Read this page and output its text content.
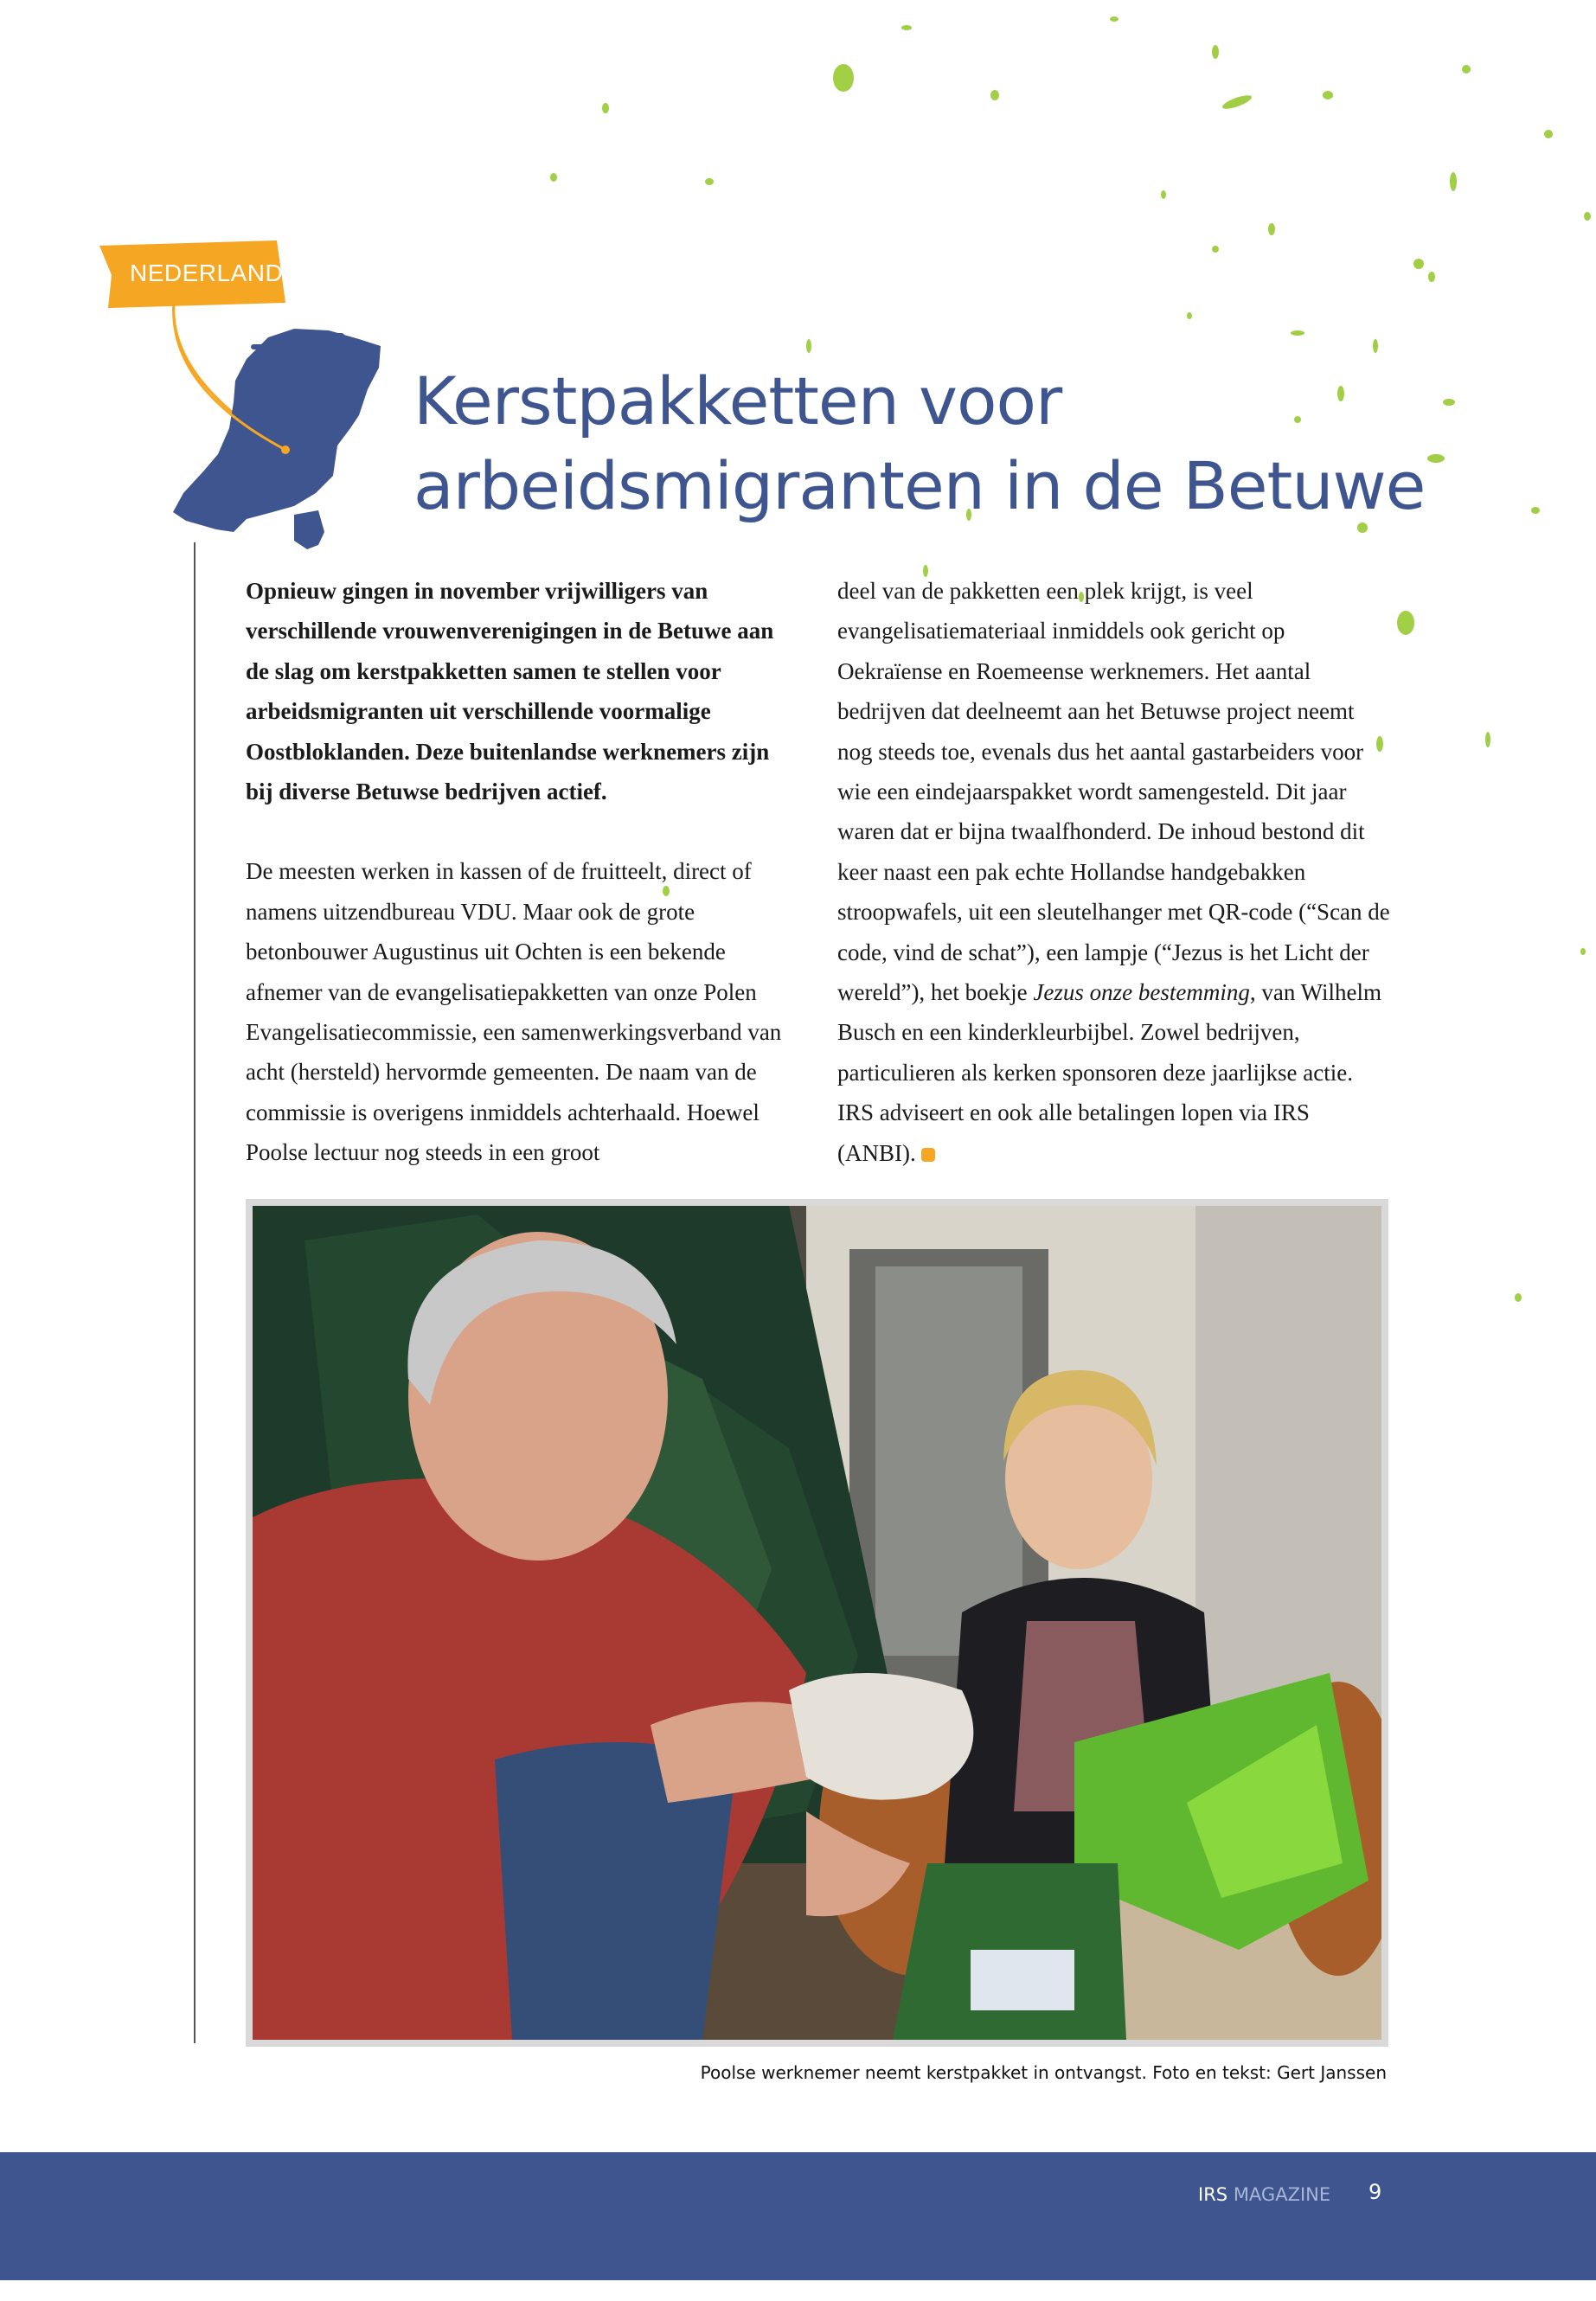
NEDERLAND
Kerstpakketten voor
arbeidsmigranten in de Betuwe

Opnieuw gingen in november vrijwilligers van verschillende vrouwenverenigingen in de Betuwe aan de slag om kerstpakketten samen te stellen voor arbeidsmigranten uit verschillende voormalige Oostbloklanden. Deze buitenlandse werknemers zijn bij diverse Betuwse bedrijven actief.

De meesten werken in kassen of de fruitteelt, direct of namens uitzendbureau VDU. Maar ook de grote betonbouwer Augustinus uit Ochten is een bekende afnemer van de evangelisatiepakketten van onze Polen Evangelisatiecommissie, een samenwerkingsverband van acht (hersteld) hervormde gemeenten. De naam van de commissie is overigens inmiddels achterhaald. Hoewel Poolse lectuur nog steeds in een groot

deel van de pakketten een plek krijgt, is veel evangelisatiemateriaal inmiddels ook gericht op Oekraïense en Roemeense werknemers. Het aantal bedrijven dat deelneemt aan het Betuwse project neemt nog steeds toe, evenals dus het aantal gastarbeiders voor wie een eindejaarspakket wordt samengesteld. Dit jaar waren dat er bijna twaalfhonderd. De inhoud bestond dit keer naast een pak echte Hollandse handgebakken stroopwafels, uit een sleutelhanger met QR-code (“Scan de code, vind de schat”), een lampje (“Jezus is het Licht der wereld”), het boekje Jezus onze bestemming, van Wilhelm Busch en een kinderkleurbijbel. Zowel bedrijven, particulieren als kerken sponsoren deze jaarlijkse actie. IRS adviseert en ook alle betalingen lopen via IRS (ANBI).

Poolse werknemer neemt kerstpakket in ontvangst. Foto en tekst: Gert Janssen

IRS MAGAZINE 9
